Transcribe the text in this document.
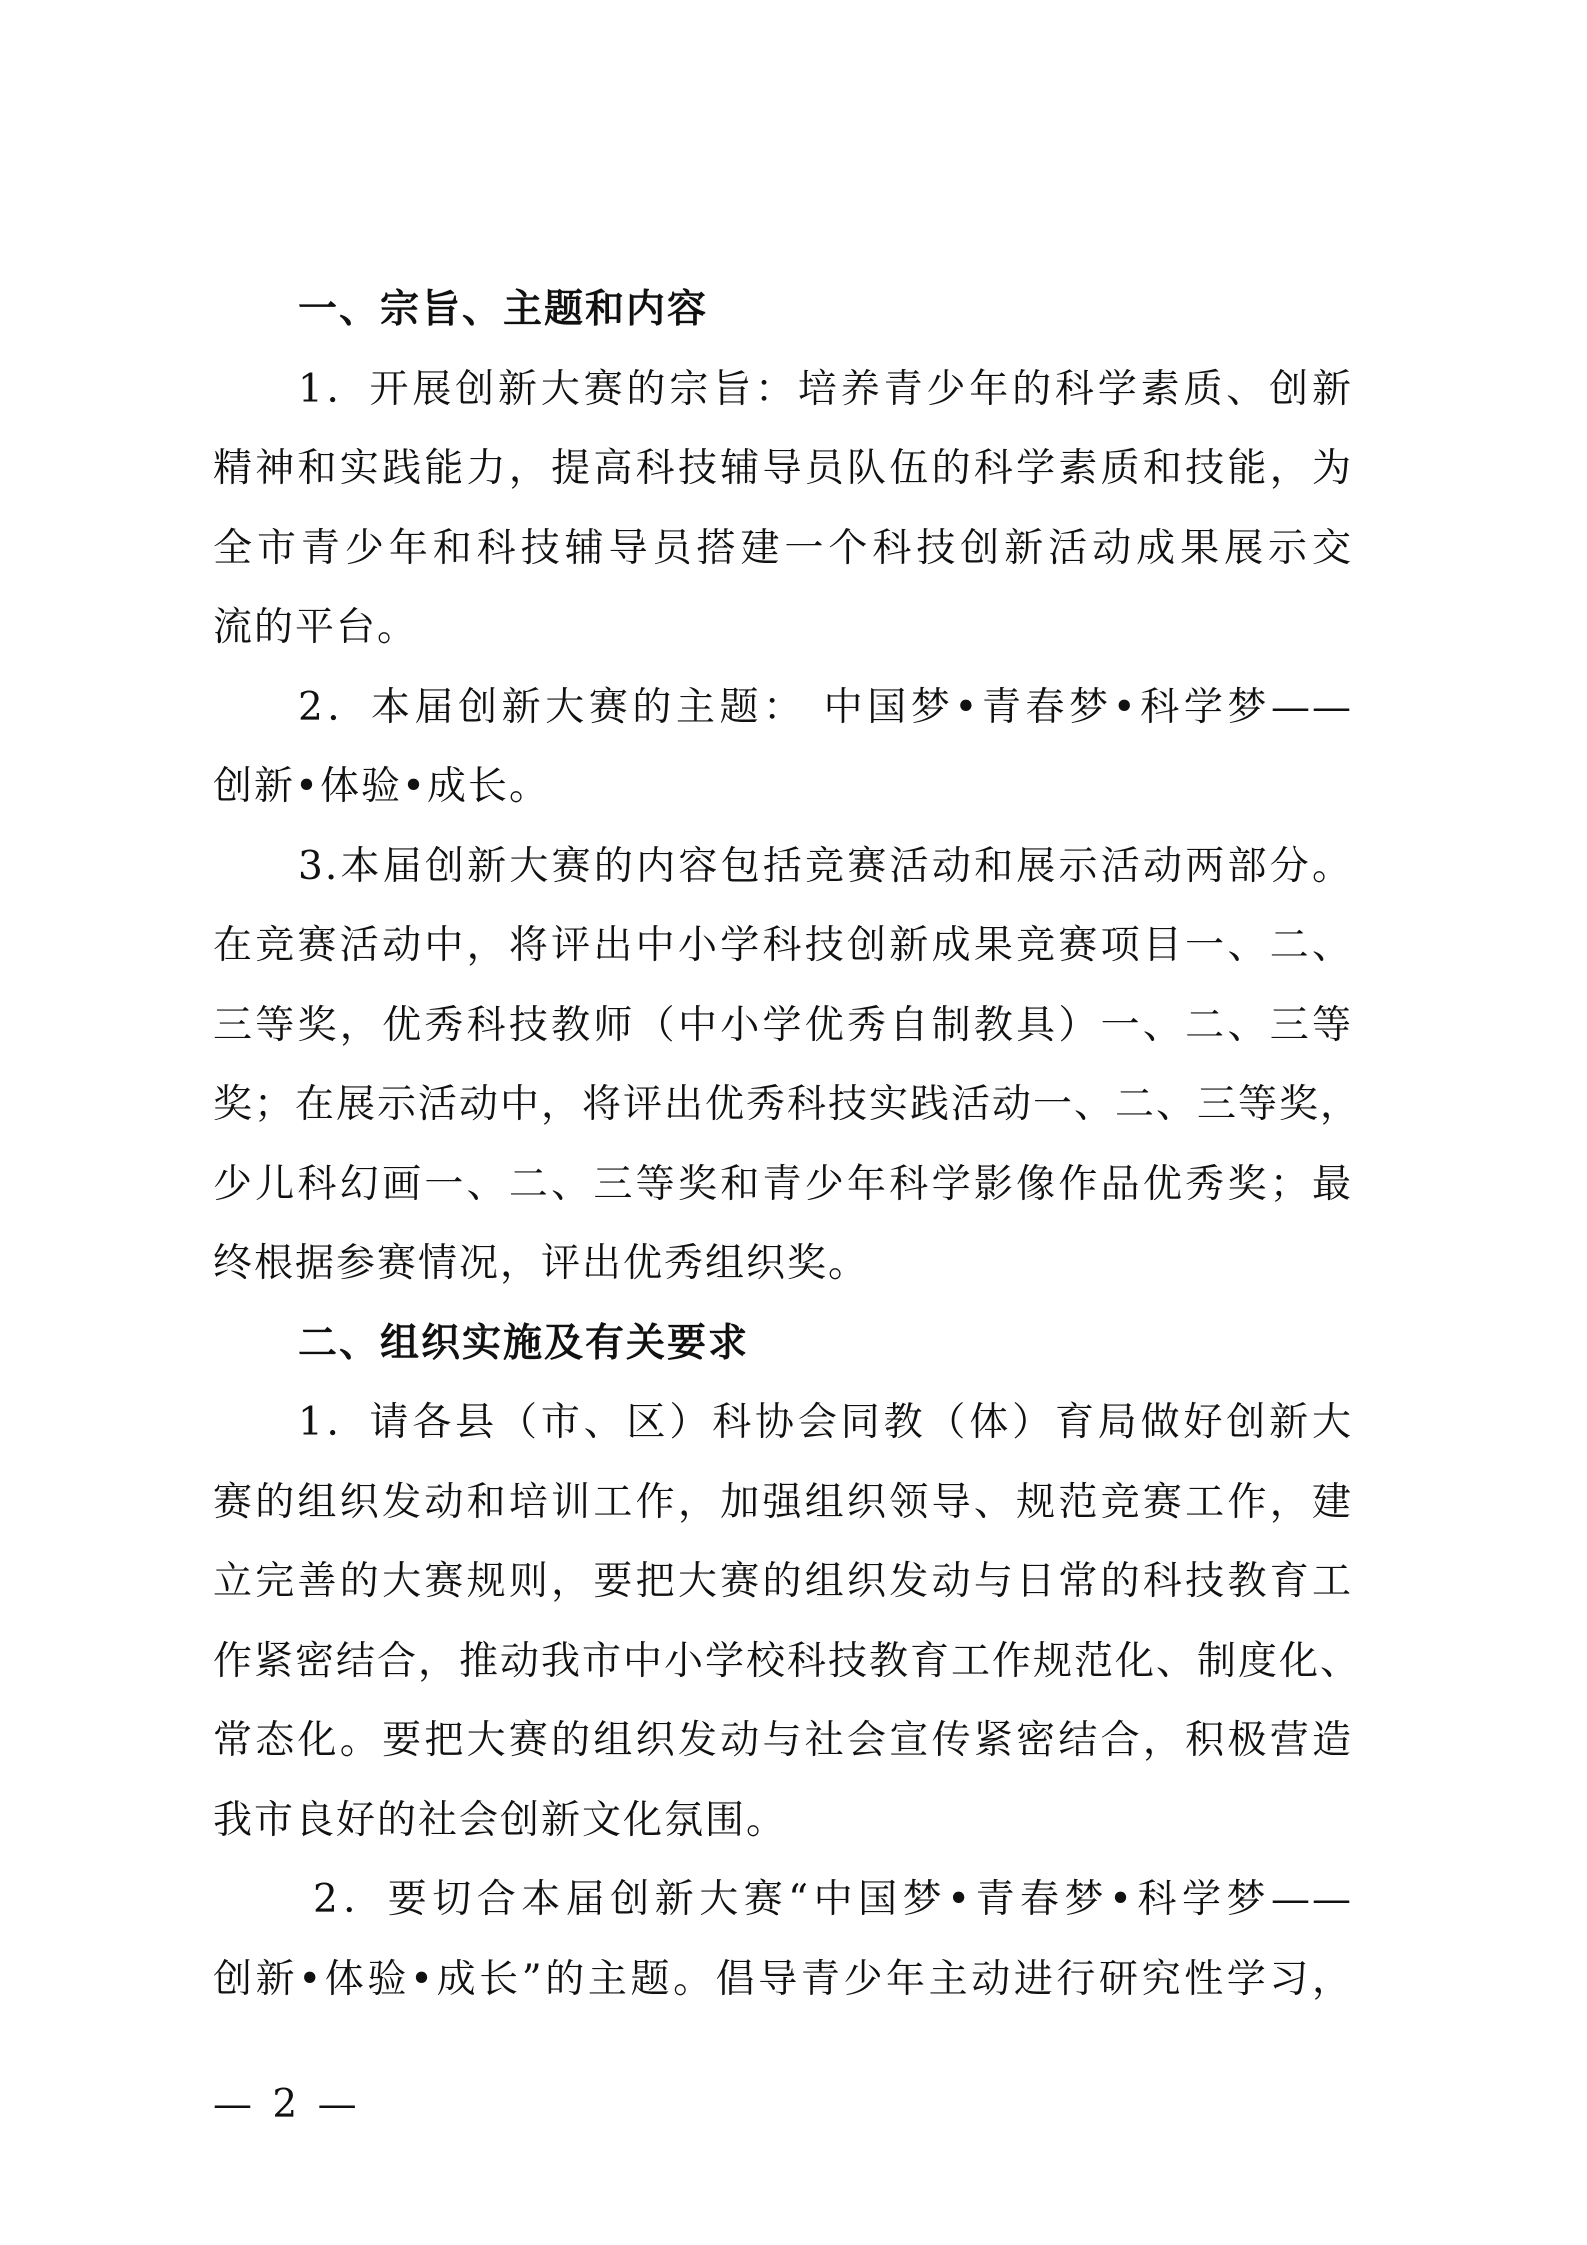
一、宗旨、主题和内容

1．开展创新大赛的宗旨：培养青少年的科学素质、创新
精神和实践能力，提高科技辅导员队伍的科学素质和技能，为
全市青少年和科技辅导员搭建一个科技创新活动成果展示交
流的平台。

2．本届创新大赛的主题： 中国梦•青春梦•科学梦——
创新•体验•成长。

3.本届创新大赛的内容包括竞赛活动和展示活动两部分。
在竞赛活动中，将评出中小学科技创新成果竞赛项目一、二、
三等奖，优秀科技教师（中小学优秀自制教具）一、二、三等
奖；在展示活动中，将评出优秀科技实践活动一、二、三等奖，
少儿科幻画一、二、三等奖和青少年科学影像作品优秀奖；最
终根据参赛情况，评出优秀组织奖。

二、组织实施及有关要求

1．请各县（市、区）科协会同教（体）育局做好创新大
赛的组织发动和培训工作，加强组织领导、规范竞赛工作，建
立完善的大赛规则，要把大赛的组织发动与日常的科技教育工
作紧密结合，推动我市中小学校科技教育工作规范化、制度化、
常态化。要把大赛的组织发动与社会宣传紧密结合，积极营造
我市良好的社会创新文化氛围。

2．要切合本届创新大赛“中国梦•青春梦•科学梦——
创新•体验•成长”的主题。倡导青少年主动进行研究性学习，

— 2 —
